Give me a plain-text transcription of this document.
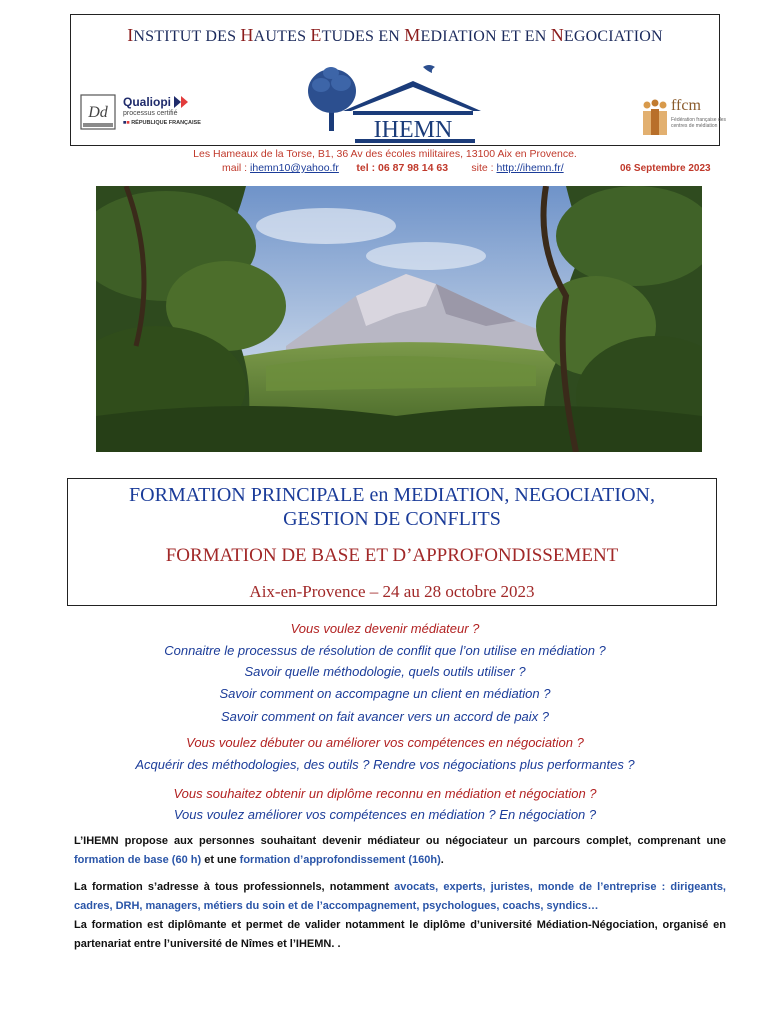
INSTITUT DES HAUTES ETUDES EN MEDIATION ET EN NEGOCIATION
Dd
Qualiopi
processus certifié
■■ RÉPUBLIQUE FRANÇAISE	IHEMN
ffcm
Fédération française des centres de médiation
Les Hameaux de la Torse, B1, 36 Av des écoles militaires, 13100 Aix en Provence.
mail : ihemn10@yahoo.fr tel : 06 87 98 14 63 site : http://ihemn.fr/	06 Septembre 2023
FORMATION PRINCIPALE en MEDIATION, NEGOCIATION,
GESTION DE CONFLITS
FORMATION DE BASE ET D’APPROFONDISSEMENT
Aix-en-Provence – 24 au 28 octobre 2023
Vous voulez devenir médiateur ?
Connaitre le processus de résolution de conflit que l’on utilise en médiation ?
Savoir quelle méthodologie, quels outils utiliser ?
Savoir comment on accompagne un client en médiation ?
Savoir comment on fait avancer vers un accord de paix ?
Vous voulez débuter ou améliorer vos compétences en négociation ?
Acquérir des méthodologies, des outils ? Rendre vos négociations plus performantes ?
Vous souhaitez obtenir un diplôme reconnu en médiation et négociation ?
Vous voulez améliorer vos compétences en médiation ? En négociation ?
L’IHEMN propose aux personnes souhaitant devenir médiateur ou négociateur un parcours complet, comprenant une formation de base (60 h) et une formation d’approfondissement (160h).
La formation s’adresse à tous professionnels, notamment avocats, experts, juristes, monde de l’entreprise : dirigeants, cadres, DRH, managers, métiers du soin et de l’accompagnement, psychologues, coachs, syndics…
La formation est diplômante et permet de valider notamment le diplôme d’université Médiation-Négociation, organisé en partenariat entre l’université de Nîmes et l’IHEMN. .
